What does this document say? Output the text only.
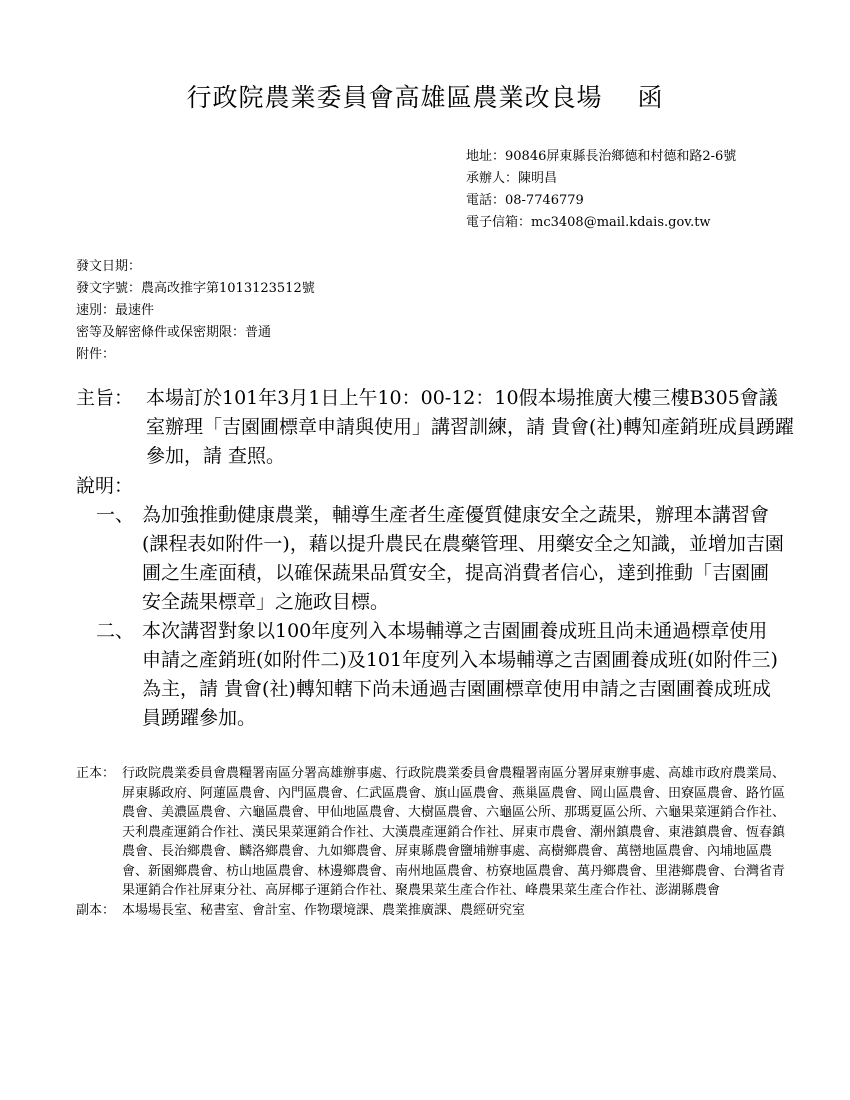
行政院農業委員會高雄區農業改良場　 函
地址：90846屏東縣長治鄉德和村德和路2-6號
承辦人：陳明昌
電話：08-7746779
電子信箱：mc3408@mail.kdais.gov.tw
發文日期：
發文字號：農高改推字第1013123512號
速別：最速件
密等及解密條件或保密期限：普通
附件：
主旨： 本場訂於101年3月1日上午10：00-12：10假本場推廣大樓三樓B305會議室辦理「吉園圃標章申請與使用」講習訓練，請 貴會(社)轉知產銷班成員踴躍參加，請 查照。
說明：
一、 為加強推動健康農業，輔導生產者生產優質健康安全之蔬果，辦理本講習會(課程表如附件一)，藉以提升農民在農藥管理、用藥安全之知識，並增加吉園圃之生產面積，以確保蔬果品質安全，提高消費者信心，達到推動「吉園圃安全蔬果標章」之施政目標。
二、 本次講習對象以100年度列入本場輔導之吉園圃養成班且尚未通過標章使用申請之產銷班(如附件二)及101年度列入本場輔導之吉園圃養成班(如附件三)為主，請 貴會(社)轉知轄下尚未通過吉園圃標章使用申請之吉園圃養成班成員踴躍參加。
正本： 行政院農業委員會農糧署南區分署高雄辦事處、行政院農業委員會農糧署南區分署屏東辦事處、高雄市政府農業局、屏東縣政府、阿蓮區農會、內門區農會、仁武區農會、旗山區農會、燕巢區農會、岡山區農會、田寮區農會、路竹區農會、美濃區農會、六龜區農會、甲仙地區農會、大樹區農會、六龜區公所、那瑪夏區公所、六龜果菜運銷合作社、天利農產運銷合作社、漢民果菜運銷合作社、大漢農產運銷合作社、屏東市農會、潮州鎮農會、東港鎮農會、恆春鎮農會、長治鄉農會、麟洛鄉農會、九如鄉農會、屏東縣農會鹽埔辦事處、高樹鄉農會、萬巒地區農會、內埔地區農會、新園鄉農會、枋山地區農會、林邊鄉農會、南州地區農會、枋寮地區農會、萬丹鄉農會、里港鄉農會、台灣省青果運銷合作社屏東分社、高屏椰子運銷合作社、聚農果菜生產合作社、峰農果菜生產合作社、澎湖縣農會
副本： 本場場長室、秘書室、會計室、作物環境課、農業推廣課、農經研究室
